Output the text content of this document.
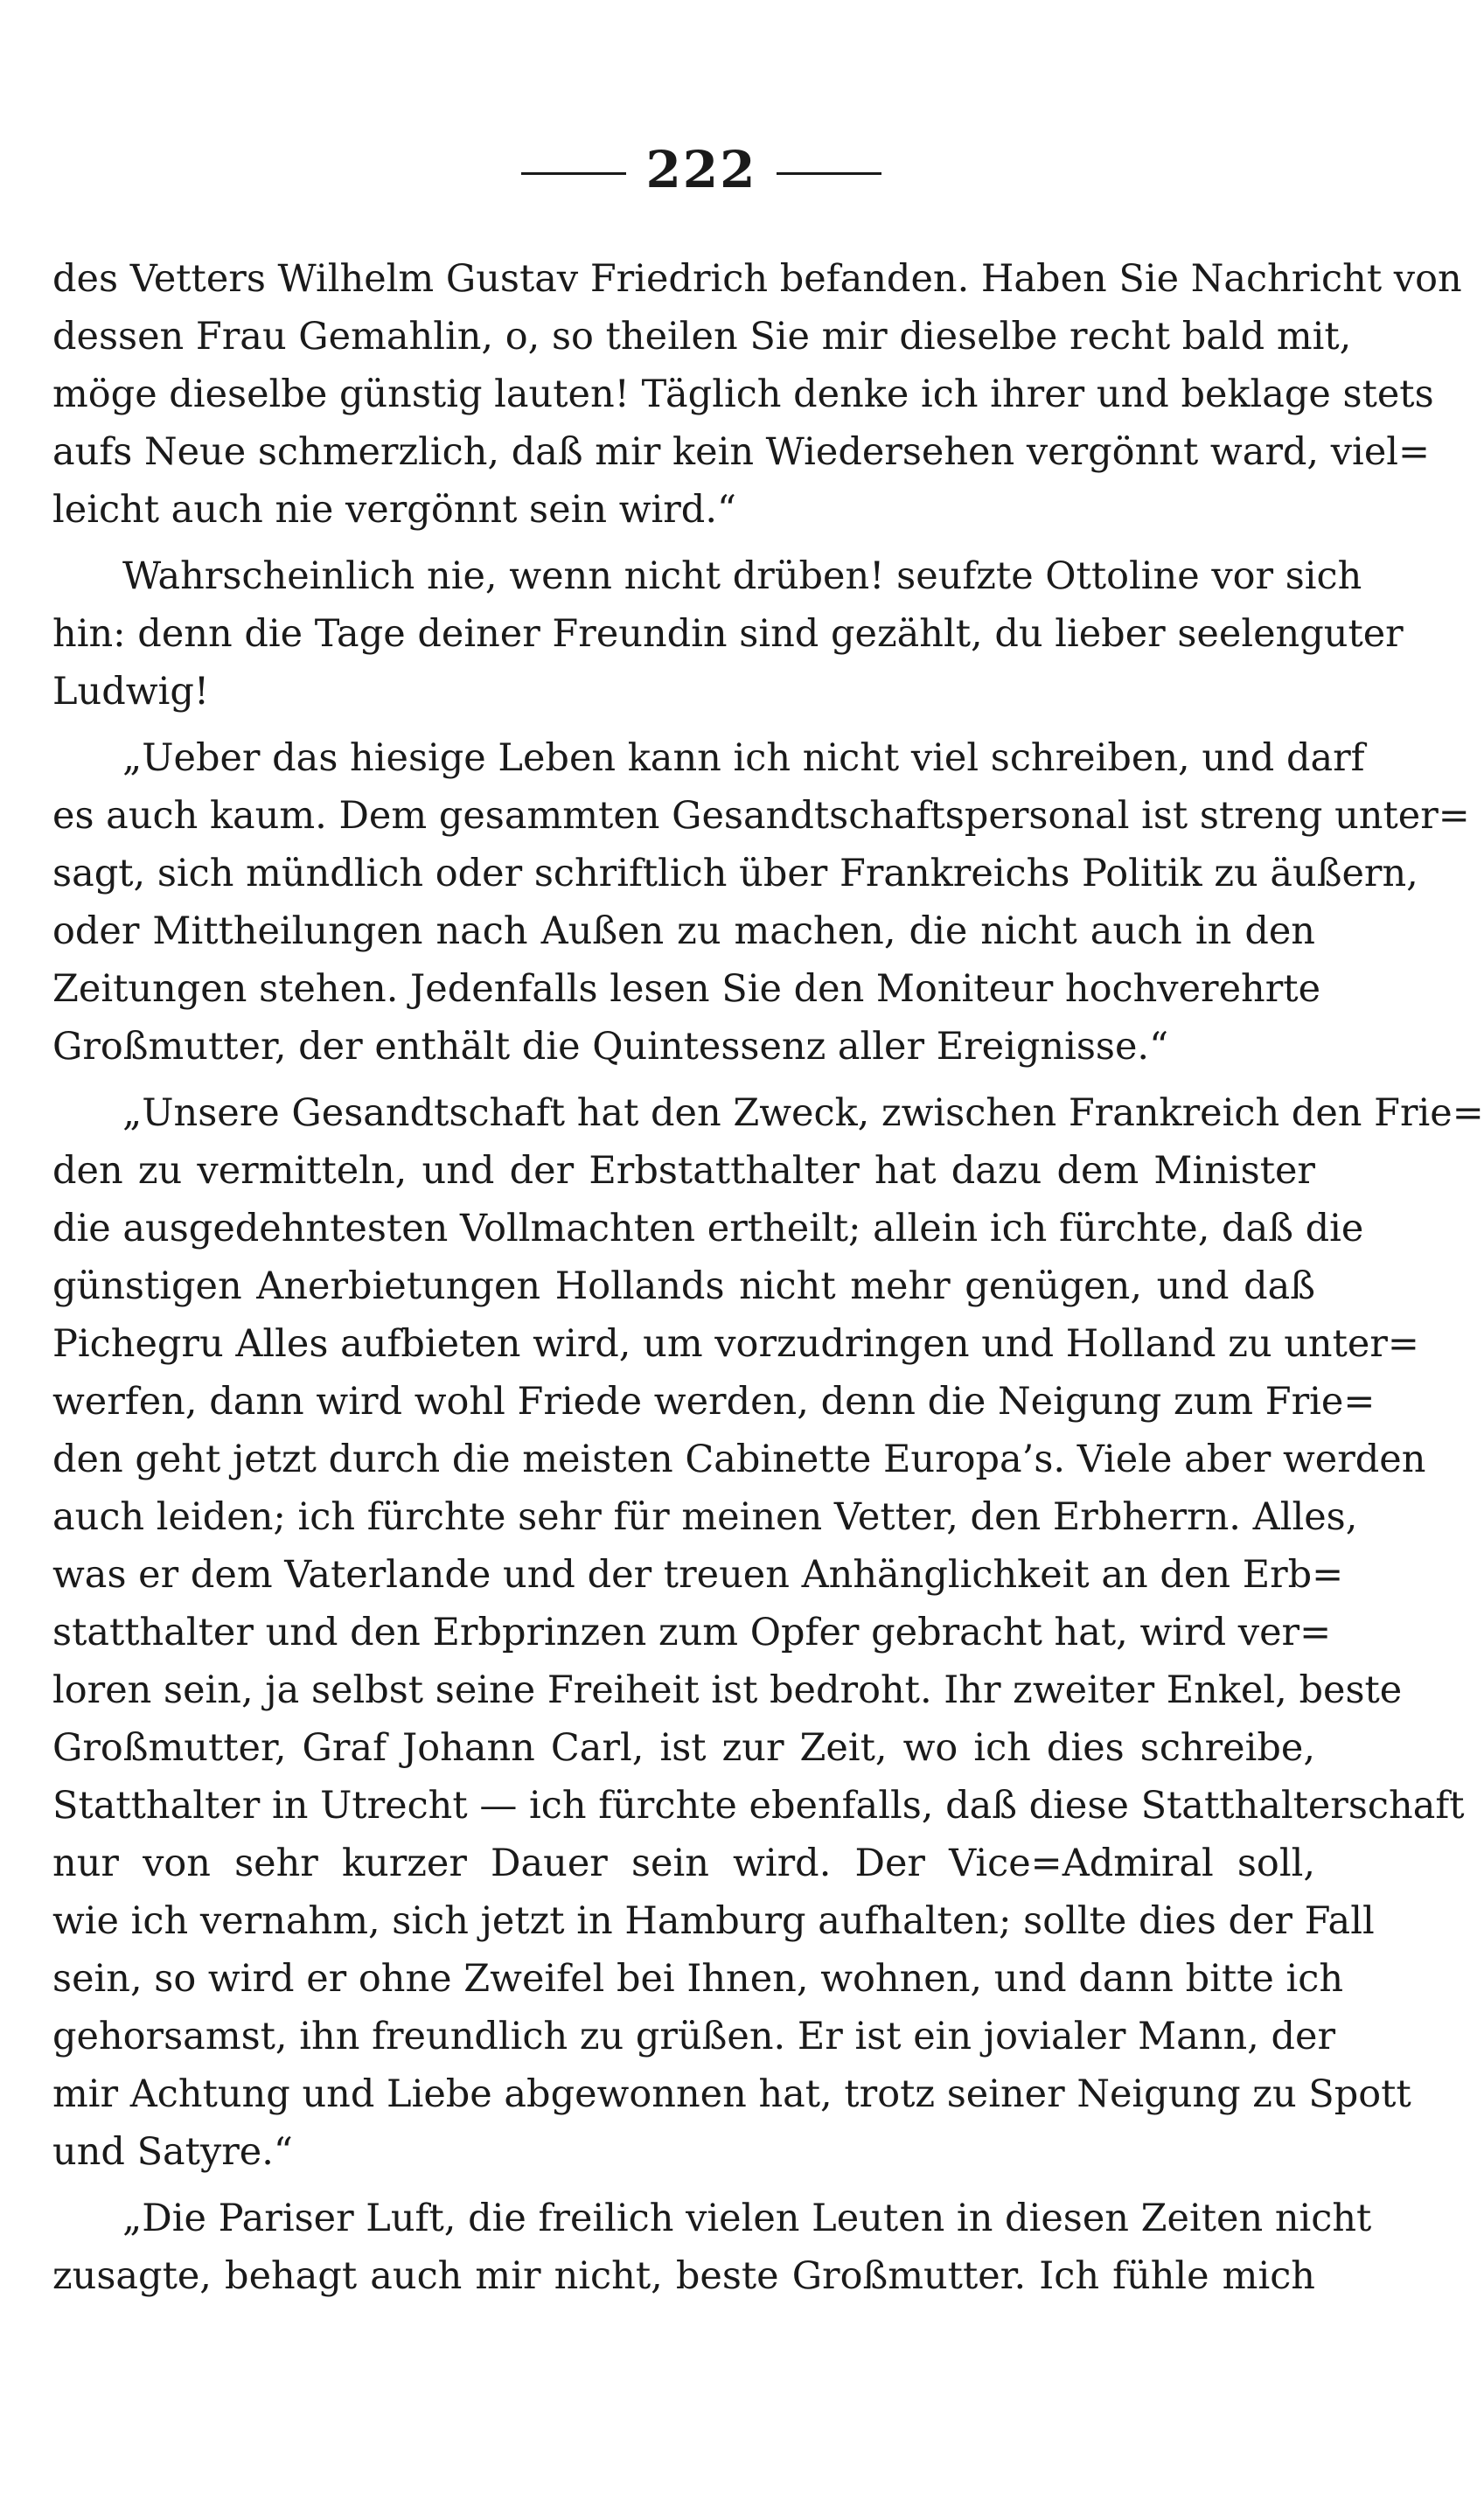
222
des Vetters Wilhelm Gustav Friedrich befanden. Haben Sie Nachricht von
dessen Frau Gemahlin, o, so theilen Sie mir dieselbe recht bald mit,
möge dieselbe günstig lauten! Täglich denke ich ihrer und beklage stets
aufs Neue schmerzlich, daß mir kein Wiedersehen vergönnt ward, viel=
leicht auch nie vergönnt sein wird.“
Wahrscheinlich nie, wenn nicht drüben! seufzte Ottoline vor sich
hin: denn die Tage deiner Freundin sind gezählt, du lieber seelenguter
Ludwig!
„Ueber das hiesige Leben kann ich nicht viel schreiben, und darf
es auch kaum. Dem gesammten Gesandtschaftspersonal ist streng unter=
sagt, sich mündlich oder schriftlich über Frankreichs Politik zu äußern,
oder Mittheilungen nach Außen zu machen, die nicht auch in den
Zeitungen stehen. Jedenfalls lesen Sie den Moniteur hochverehrte
Großmutter, der enthält die Quintessenz aller Ereignisse.“
„Unsere Gesandtschaft hat den Zweck, zwischen Frankreich den Frie=
den zu vermitteln, und der Erbstatthalter hat dazu dem Minister
die ausgedehntesten Vollmachten ertheilt; allein ich fürchte, daß die
günstigen Anerbietungen Hollands nicht mehr genügen, und daß
Pichegru Alles aufbieten wird, um vorzudringen und Holland zu unter=
werfen, dann wird wohl Friede werden, denn die Neigung zum Frie=
den geht jetzt durch die meisten Cabinette Europa’s. Viele aber werden
auch leiden; ich fürchte sehr für meinen Vetter, den Erbherrn. Alles,
was er dem Vaterlande und der treuen Anhänglichkeit an den Erb=
statthalter und den Erbprinzen zum Opfer gebracht hat, wird ver=
loren sein, ja selbst seine Freiheit ist bedroht. Ihr zweiter Enkel, beste
Großmutter, Graf Johann Carl, ist zur Zeit, wo ich dies schreibe,
Statthalter in Utrecht — ich fürchte ebenfalls, daß diese Statthalterschaft
nur von sehr kurzer Dauer sein wird. Der Vice=Admiral soll,
wie ich vernahm, sich jetzt in Hamburg aufhalten; sollte dies der Fall
sein, so wird er ohne Zweifel bei Ihnen, wohnen, und dann bitte ich
gehorsamst, ihn freundlich zu grüßen. Er ist ein jovialer Mann, der
mir Achtung und Liebe abgewonnen hat, trotz seiner Neigung zu Spott
und Satyre.“
„Die Pariser Luft, die freilich vielen Leuten in diesen Zeiten nicht
zusagte, behagt auch mir nicht, beste Großmutter. Ich fühle mich
